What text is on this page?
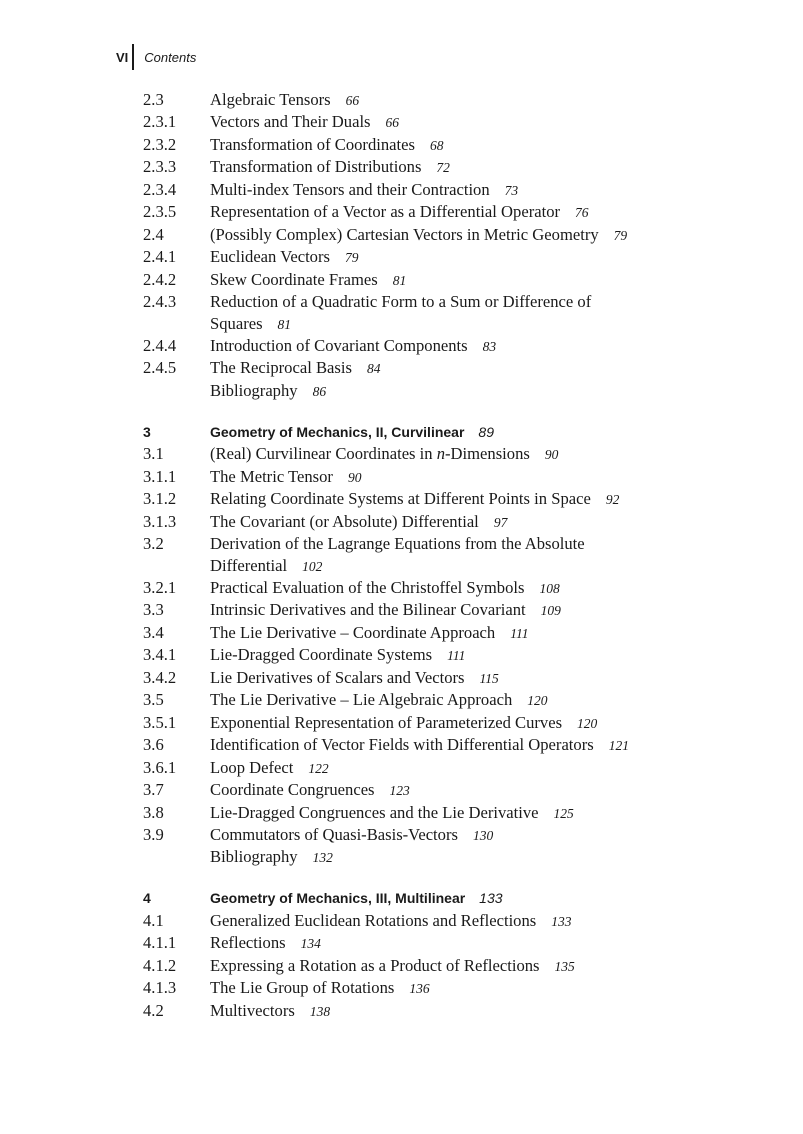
VI Contents
2.3	Algebraic Tensors 66
2.3.1	Vectors and Their Duals 66
2.3.2	Transformation of Coordinates 68
2.3.3	Transformation of Distributions 72
2.3.4	Multi-index Tensors and their Contraction 73
2.3.5	Representation of a Vector as a Differential Operator 76
2.4	(Possibly Complex) Cartesian Vectors in Metric Geometry 79
2.4.1	Euclidean Vectors 79
2.4.2	Skew Coordinate Frames 81
2.4.3	Reduction of a Quadratic Form to a Sum or Difference of
Squares 81
2.4.4	Introduction of Covariant Components 83
2.4.5	The Reciprocal Basis 84
Bibliography 86
3	Geometry of Mechanics, II, Curvilinear 89
3.1	(Real) Curvilinear Coordinates in n-Dimensions 90
3.1.1	The Metric Tensor 90
3.1.2	Relating Coordinate Systems at Different Points in Space 92
3.1.3	The Covariant (or Absolute) Differential 97
3.2	Derivation of the Lagrange Equations from the Absolute
Differential 102
3.2.1	Practical Evaluation of the Christoffel Symbols 108
3.3	Intrinsic Derivatives and the Bilinear Covariant 109
3.4	The Lie Derivative – Coordinate Approach 111
3.4.1	Lie-Dragged Coordinate Systems 111
3.4.2	Lie Derivatives of Scalars and Vectors 115
3.5	The Lie Derivative – Lie Algebraic Approach 120
3.5.1	Exponential Representation of Parameterized Curves 120
3.6	Identification of Vector Fields with Differential Operators 121
3.6.1	Loop Defect 122
3.7	Coordinate Congruences 123
3.8	Lie-Dragged Congruences and the Lie Derivative 125
3.9	Commutators of Quasi-Basis-Vectors 130
Bibliography 132
4	Geometry of Mechanics, III, Multilinear 133
4.1	Generalized Euclidean Rotations and Reflections 133
4.1.1	Reflections 134
4.1.2	Expressing a Rotation as a Product of Reflections 135
4.1.3	The Lie Group of Rotations 136
4.2	Multivectors 138
